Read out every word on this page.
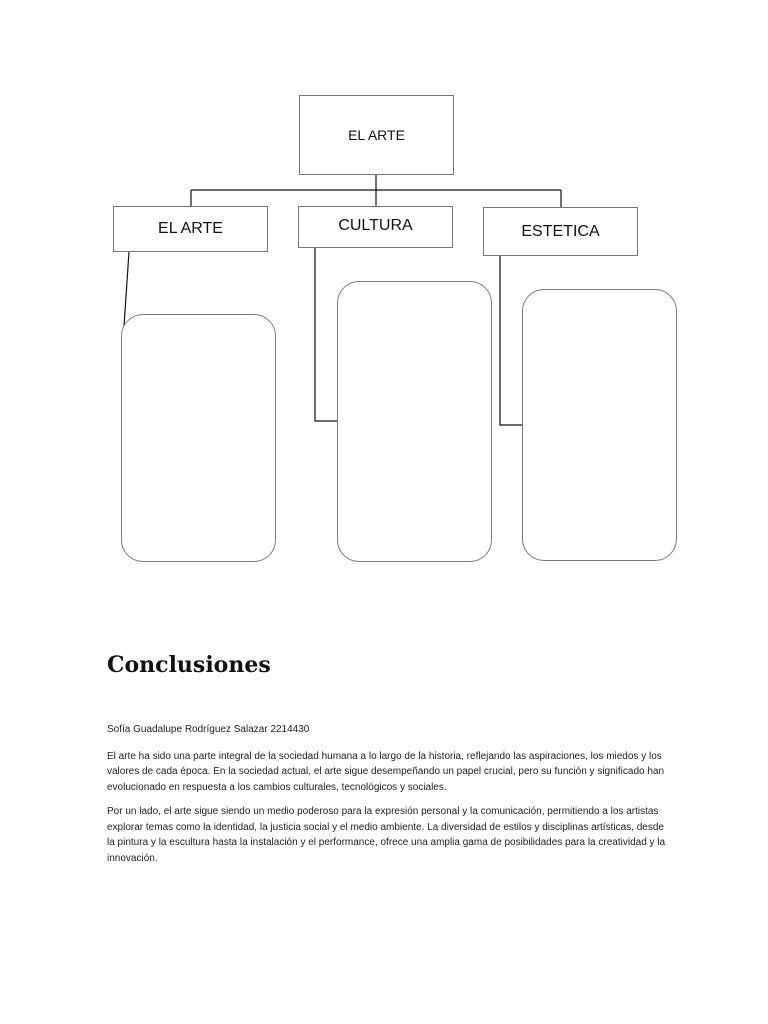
EL ARTE
EL ARTE	CULTURA	ESTETICA
Conclusiones

Sofía Guadalupe Rodríguez Salazar 2214430

El arte ha sido una parte integral de la sociedad humana a lo largo de la historia, reflejando las aspiraciones, los miedos y los valores de cada época. En la sociedad actual, el arte sigue desempeñando un papel crucial, pero su función y significado han evolucionado en respuesta a los cambios culturales, tecnológicos y sociales.

Por un lado, el arte sigue siendo un medio poderoso para la expresión personal y la comunicación, permitiendo a los artistas explorar temas como la identidad, la justicia social y el medio ambiente. La diversidad de estilos y disciplinas artísticas, desde la pintura y la escultura hasta la instalación y el performance, ofrece una amplia gama de posibilidades para la creatividad y la innovación.
